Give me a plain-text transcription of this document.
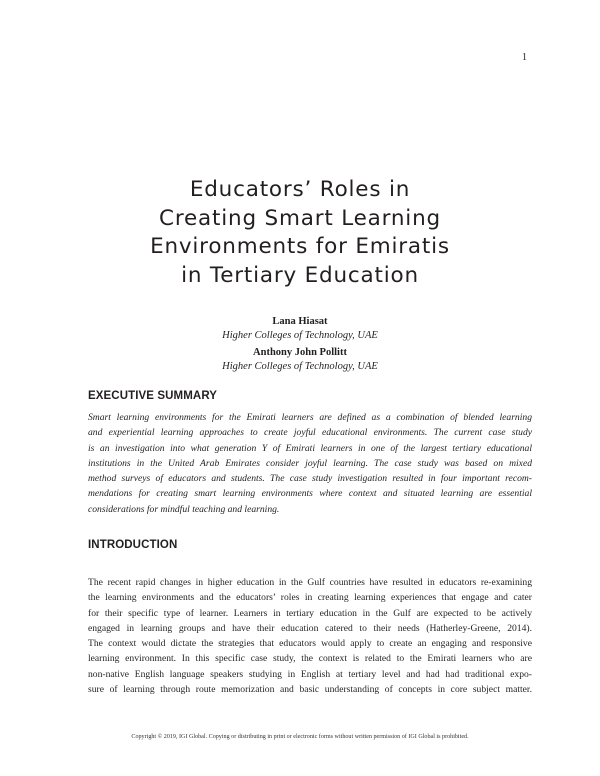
1
Educators’ Roles in
Creating Smart Learning
Environments for Emiratis
in Tertiary Education
Lana Hiasat
Higher Colleges of Technology, UAE
Anthony John Pollitt
Higher Colleges of Technology, UAE
EXECUTIVE SUMMARY

Smart learning environments for the Emirati learners are defined as a combination of blended learning
and experiential learning approaches to create joyful educational environments. The current case study
is an investigation into what generation Y of Emirati learners in one of the largest tertiary educational
institutions in the United Arab Emirates consider joyful learning. The case study was based on mixed
method surveys of educators and students. The case study investigation resulted in four important recom-
mendations for creating smart learning environments where context and situated learning are essential
considerations for mindful teaching and learning.

INTRODUCTION

The recent rapid changes in higher education in the Gulf countries have resulted in educators re-examining
the learning environments and the educators’ roles in creating learning experiences that engage and cater
for their specific type of learner. Learners in tertiary education in the Gulf are expected to be actively
engaged in learning groups and have their education catered to their needs (Hatherley-Greene, 2014).
The context would dictate the strategies that educators would apply to create an engaging and responsive
learning environment. In this specific case study, the context is related to the Emirati learners who are
non-native English language speakers studying in English at tertiary level and had had traditional expo-
sure of learning through route memorization and basic understanding of concepts in core subject matter.

Copyright © 2019, IGI Global. Copying or distributing in print or electronic forms without written permission of IGI Global is prohibited.
